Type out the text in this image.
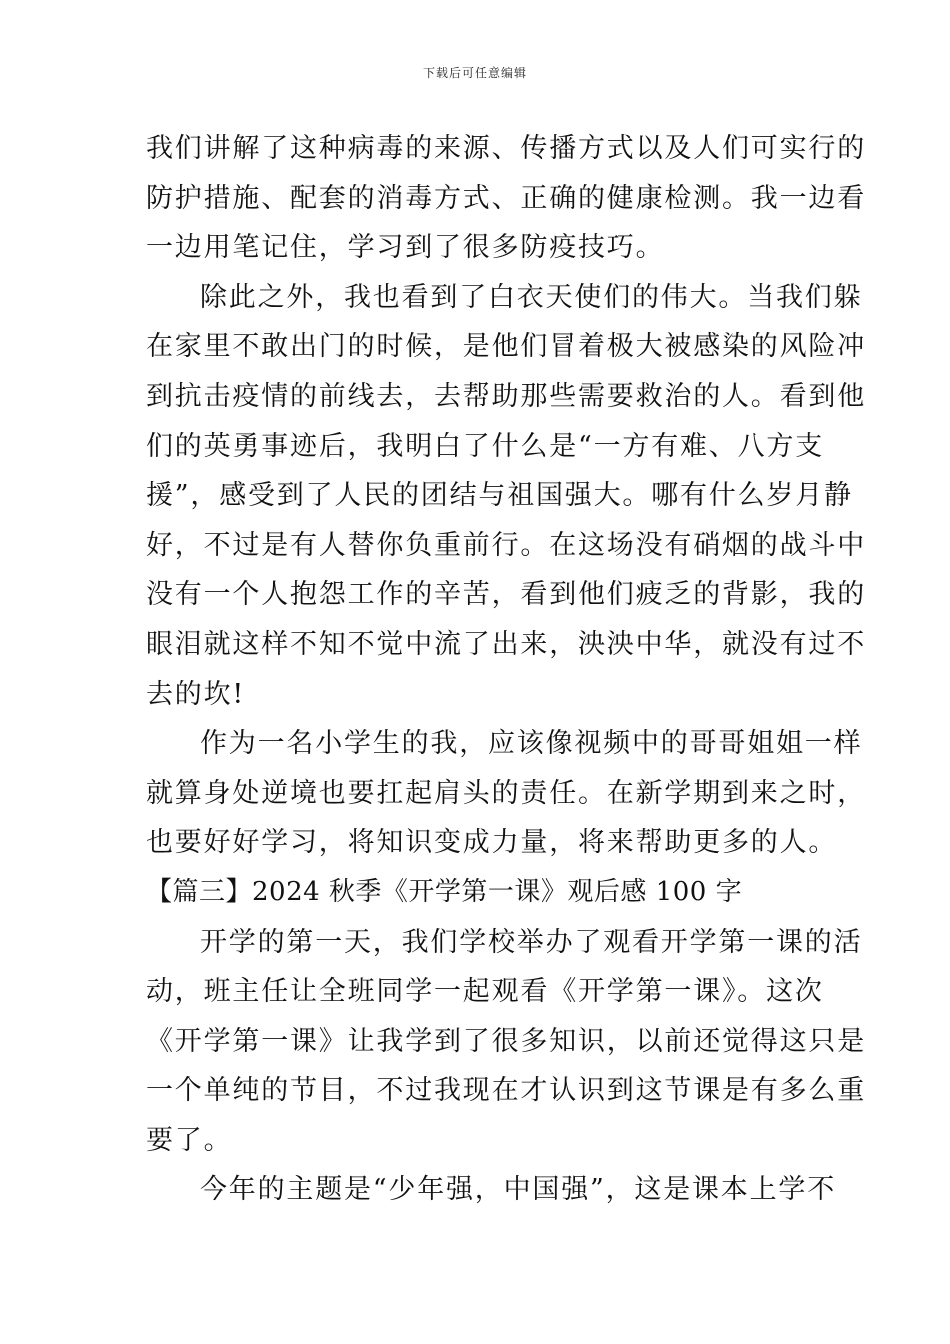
下载后可任意编辑
我们讲解了这种病毒的来源、传播方式以及人们可实行的
防护措施、配套的消毒方式、正确的健康检测。我一边看
一边用笔记住，学习到了很多防疫技巧。
除此之外，我也看到了白衣天使们的伟大。当我们躲
在家里不敢出门的时候，是他们冒着极大被感染的风险冲
到抗击疫情的前线去，去帮助那些需要救治的人。看到他
们的英勇事迹后，我明白了什么是“一方有难、八方支
援”，感受到了人民的团结与祖国强大。哪有什么岁月静
好，不过是有人替你负重前行。在这场没有硝烟的战斗中
没有一个人抱怨工作的辛苦，看到他们疲乏的背影，我的
眼泪就这样不知不觉中流了出来，泱泱中华，就没有过不
去的坎!
作为一名小学生的我，应该像视频中的哥哥姐姐一样
就算身处逆境也要扛起肩头的责任。在新学期到来之时，
也要好好学习，将知识变成力量，将来帮助更多的人。
【篇三】2024 秋季《开学第一课》观后感 100 字
开学的第一天，我们学校举办了观看开学第一课的活
动，班主任让全班同学一起观看《开学第一课》。这次
《开学第一课》让我学到了很多知识，以前还觉得这只是
一个单纯的节目，不过我现在才认识到这节课是有多么重
要了。
今年的主题是“少年强，中国强”，这是课本上学不
